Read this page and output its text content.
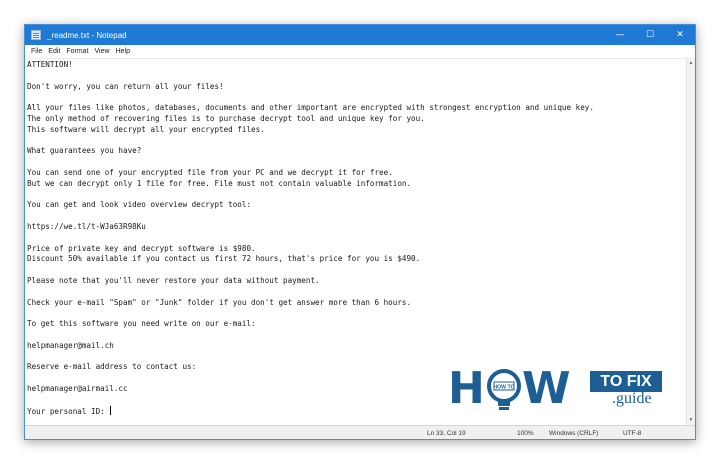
_readme.txt - Notepad	—	☐	✕
File Edit Format View Help
ATTENTION!

Don't worry, you can return all your files!

All your files like photos, databases, documents and other important are encrypted with strongest encryption and unique key.
The only method of recovering files is to purchase decrypt tool and unique key for you.
This software will decrypt all your encrypted files.

What guarantees you have?

You can send one of your encrypted file from your PC and we decrypt it for free.
But we can decrypt only 1 file for free. File must not contain valuable information.

You can get and look video overview decrypt tool:

https://we.tl/t-WJa63R98Ku

Price of private key and decrypt software is $980.
Discount 50% available if you contact us first 72 hours, that's price for you is $490.

Please note that you'll never restore your data without payment.

Check your e-mail "Spam" or "Junk" folder if you don't get answer more than 6 hours.

To get this software you need write on our e-mail:

helpmanager@mail.ch

Reserve e-mail address to contact us:

helpmanager@airmail.cc

Your personal ID:
▲
▼
Ln 33, Col 19	100% Windows (CRLF)	UTF-8
H HOW TO W	TO FIX
.guide
